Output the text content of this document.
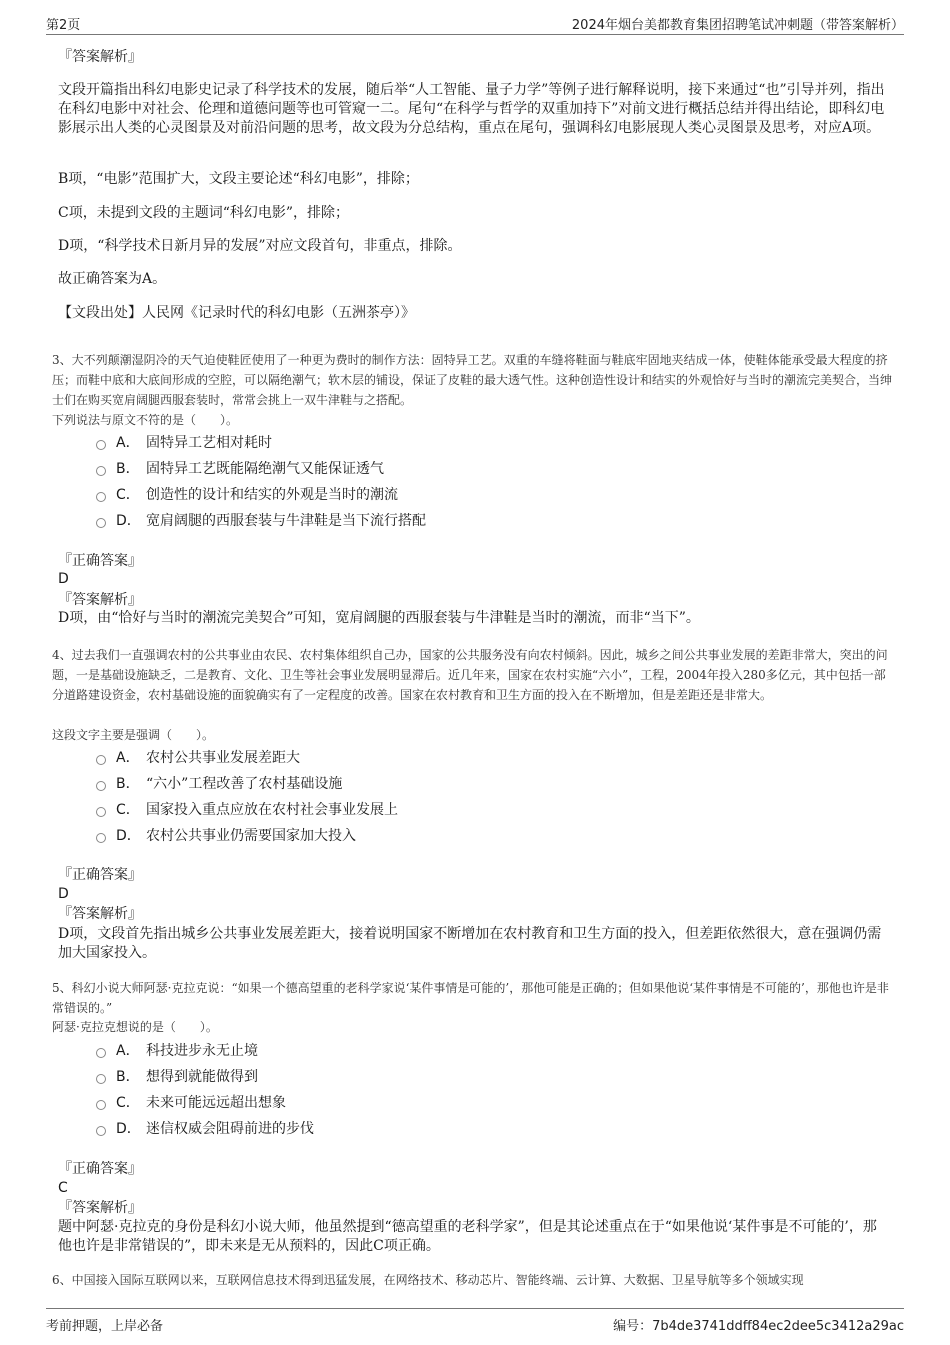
第2页	2024年烟台美都教育集团招聘笔试冲刺题（带答案解析）
『答案解析』
文段开篇指出科幻电影史记录了科学技术的发展，随后举“人工智能、量子力学”等例子进行解释说明，接下来通过“也”引导并列，指出在科幻电影中对社会、伦理和道德问题等也可管窥一二。尾句“在科学与哲学的双重加持下”对前文进行概括总结并得出结论，即科幻电影展示出人类的心灵图景及对前沿问题的思考，故文段为分总结构，重点在尾句，强调科幻电影展现人类心灵图景及思考，对应A项。
B项，“电影”范围扩大，文段主要论述“科幻电影”，排除；
C项，未提到文段的主题词“科幻电影”，排除；
D项，“科学技术日新月异的发展”对应文段首句，非重点，排除。
故正确答案为A。
【文段出处】人民网《记录时代的科幻电影（五洲茶亭）》
3、大不列颠潮湿阴冷的天气迫使鞋匠使用了一种更为费时的制作方法：固特异工艺。双重的车缝将鞋面与鞋底牢固地夹结成一体，使鞋体能承受最大程度的挤压；而鞋中底和大底间形成的空腔，可以隔绝潮气；软木层的铺设，保证了皮鞋的最大透气性。这种创造性设计和结实的外观恰好与当时的潮流完美契合，当绅士们在购买宽肩阔腿西服套装时，常常会挑上一双牛津鞋与之搭配。
下列说法与原文不符的是（　　）。
A． 固特异工艺相对耗时
B． 固特异工艺既能隔绝潮气又能保证透气
C． 创造性的设计和结实的外观是当时的潮流
D． 宽肩阔腿的西服套装与牛津鞋是当下流行搭配
『正确答案』
D
『答案解析』
D项，由“恰好与当时的潮流完美契合”可知，宽肩阔腿的西服套装与牛津鞋是当时的潮流，而非“当下”。
4、过去我们一直强调农村的公共事业由农民、农村集体组织自己办，国家的公共服务没有向农村倾斜。因此，城乡之间公共事业发展的差距非常大，突出的问题，一是基础设施缺乏，二是教育、文化、卫生等社会事业发展明显滞后。近几年来，国家在农村实施“六小”，工程，2004年投入280多亿元，其中包括一部分道路建设资金，农村基础设施的面貌确实有了一定程度的改善。国家在农村教育和卫生方面的投入在不断增加，但是差距还是非常大。
这段文字主要是强调（　　）。
A． 农村公共事业发展差距大
B． “六小”工程改善了农村基础设施
C． 国家投入重点应放在农村社会事业发展上
D． 农村公共事业仍需要国家加大投入
『正确答案』
D
『答案解析』
D项，文段首先指出城乡公共事业发展差距大，接着说明国家不断增加在农村教育和卫生方面的投入，但差距依然很大，意在强调仍需加大国家投入。
5、科幻小说大师阿瑟·克拉克说：“如果一个德高望重的老科学家说‘某件事情是可能的’，那他可能是正确的；但如果他说‘某件事情是不可能的’，那他也许是非常错误的。”
阿瑟·克拉克想说的是（　　）。
A． 科技进步永无止境
B． 想得到就能做得到
C． 未来可能远远超出想象
D． 迷信权威会阻碍前进的步伐
『正确答案』
C
『答案解析』
题中阿瑟·克拉克的身份是科幻小说大师，他虽然提到“德高望重的老科学家”，但是其论述重点在于“如果他说‘某件事是不可能的’，那他也许是非常错误的”，即未来是无从预料的，因此C项正确。
6、中国接入国际互联网以来，互联网信息技术得到迅猛发展，在网络技术、移动芯片、智能终端、云计算、大数据、卫星导航等多个领域实现
考前押题，上岸必备	编号：7b4de3741ddff84ec2dee5c3412a29ac
